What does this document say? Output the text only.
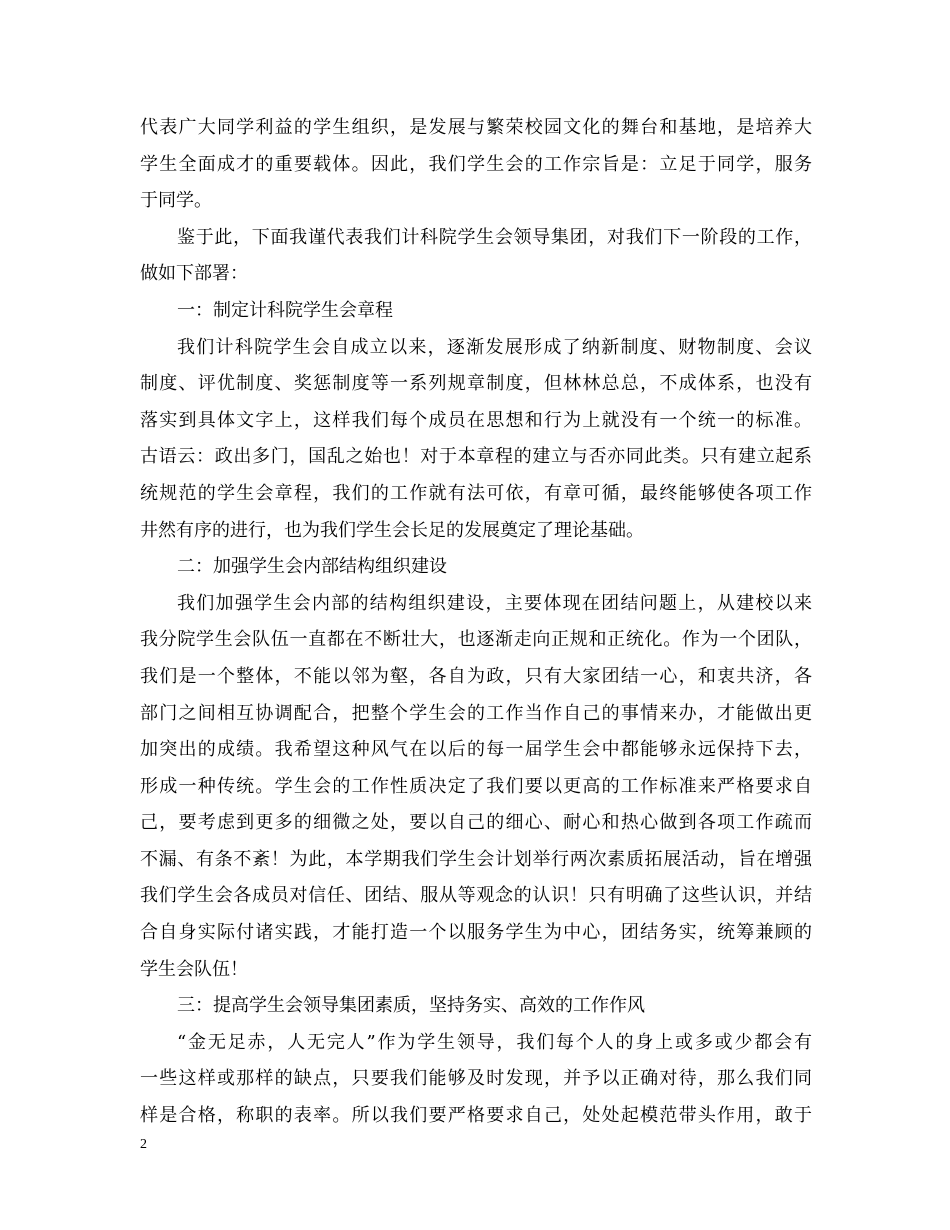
代表广大同学利益的学生组织，是发展与繁荣校园文化的舞台和基地，是培养大
学生全面成才的重要载体。因此，我们学生会的工作宗旨是：立足于同学，服务
于同学。
鉴于此，下面我谨代表我们计科院学生会领导集团，对我们下一阶段的工作，
做如下部署：
一：制定计科院学生会章程
我们计科院学生会自成立以来，逐渐发展形成了纳新制度、财物制度、会议
制度、评优制度、奖惩制度等一系列规章制度，但林林总总，不成体系，也没有
落实到具体文字上，这样我们每个成员在思想和行为上就没有一个统一的标准。
古语云：政出多门，国乱之始也！对于本章程的建立与否亦同此类。只有建立起系
统规范的学生会章程，我们的工作就有法可依，有章可循，最终能够使各项工作
井然有序的进行，也为我们学生会长足的发展奠定了理论基础。
二：加强学生会内部结构组织建设
我们加强学生会内部的结构组织建设，主要体现在团结问题上，从建校以来
我分院学生会队伍一直都在不断壮大，也逐渐走向正规和正统化。作为一个团队，
我们是一个整体，不能以邻为壑，各自为政，只有大家团结一心，和衷共济，各
部门之间相互协调配合，把整个学生会的工作当作自己的事情来办，才能做出更
加突出的成绩。我希望这种风气在以后的每一届学生会中都能够永远保持下去，
形成一种传统。学生会的工作性质决定了我们要以更高的工作标准来严格要求自
己，要考虑到更多的细微之处，要以自己的细心、耐心和热心做到各项工作疏而
不漏、有条不紊！为此，本学期我们学生会计划举行两次素质拓展活动，旨在增强
我们学生会各成员对信任、团结、服从等观念的认识！只有明确了这些认识，并结
合自身实际付诸实践，才能打造一个以服务学生为中心，团结务实，统筹兼顾的
学生会队伍！
三：提高学生会领导集团素质，坚持务实、高效的工作作风
“金无足赤，人无完人”作为学生领导，我们每个人的身上或多或少都会有
一些这样或那样的缺点，只要我们能够及时发现，并予以正确对待，那么我们同
样是合格，称职的表率。所以我们要严格要求自己，处处起模范带头作用，敢于
2
